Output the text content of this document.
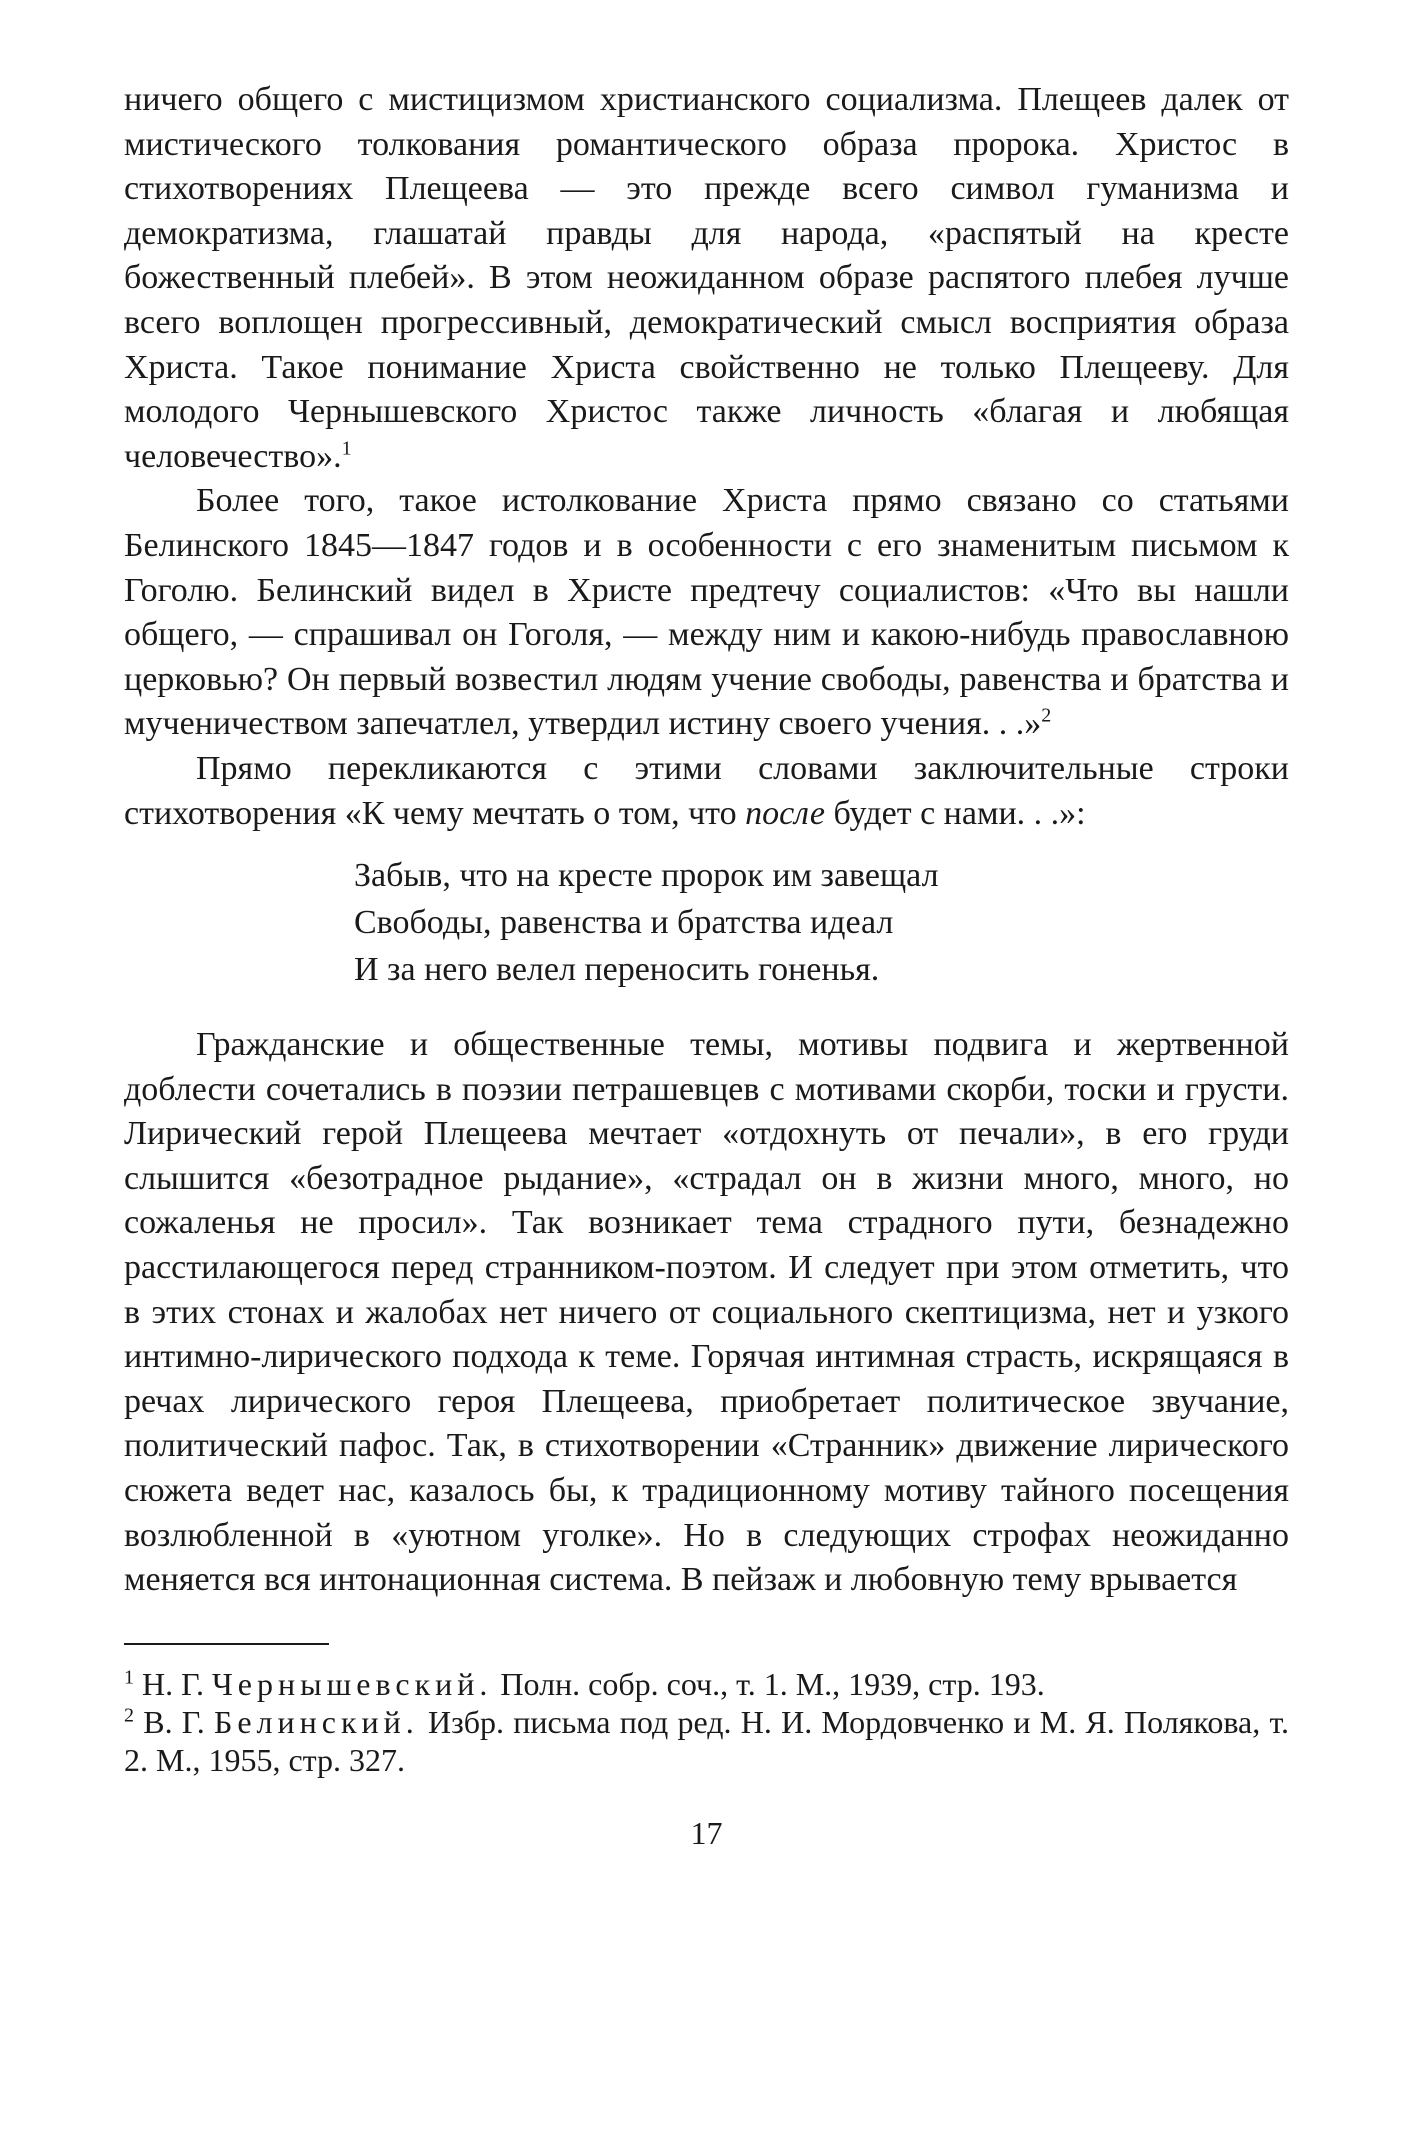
ничего общего с мистицизмом христианского социализма. Плещеев далек от мистического толкования романтического образа пророка. Христос в стихотворениях Плещеева — это прежде всего символ гуманизма и демократизма, глашатай правды для народа, «распятый на кресте божественный плебей». В этом неожиданном образе распятого плебея лучше всего воплощен прогрессивный, демократический смысл восприятия образа Христа. Такое понимание Христа свойственно не только Плещееву. Для молодого Чернышевского Христос также личность «благая и любящая человечество».$^1$

Более того, такое истолкование Христа прямо связано со статьями Белинского 1845—1847 годов и в особенности с его знаменитым письмом к Гоголю. Белинский видел в Христе предтечу социалистов: «Что вы нашли общего, — спрашивал он Гоголя, — между ним и какою-нибудь православною церковью? Он первый возвестил людям учение свободы, равенства и братства и мученичеством запечатлел, утвердил истину своего учения. . .»$^2$

Прямо перекликаются с этими словами заключительные строки стихотворения «К чему мечтать о том, что после будет с нами. . .»:

Забыв, что на кресте пророк им завещал
Свободы, равенства и братства идеал
И за него велел переносить гоненья.

Гражданские и общественные темы, мотивы подвига и жертвенной доблести сочетались в поэзии петрашевцев с мотивами скорби, тоски и грусти. Лирический герой Плещеева мечтает «отдохнуть от печали», в его груди слышится «безотрадное рыдание», «страдал он в жизни много, много, но сожаленья не просил». Так возникает тема страдного пути, безнадежно расстилающегося перед странником-поэтом. И следует при этом отметить, что в этих стонах и жалобах нет ничего от социального скептицизма, нет и узкого интимно-лирического подхода к теме. Горячая интимная страсть, искрящаяся в речах лирического героя Плещеева, приобретает политическое звучание, политический пафос. Так, в стихотворении «Странник» движение лирического сюжета ведет нас, казалось бы, к традиционному мотиву тайного посещения возлюбленной в «уютном уголке». Но в следующих строфах неожиданно меняется вся интонационная система. В пейзаж и любовную тему врывается

$^1$ Н. Г. Чернышевский. Полн. собр. соч., т. 1. М., 1939, стр. 193.

$^2$ В. Г. Белинский. Избр. письма под ред. Н. И. Мордовченко и М. Я. Полякова, т. 2. М., 1955, стр. 327.

17
